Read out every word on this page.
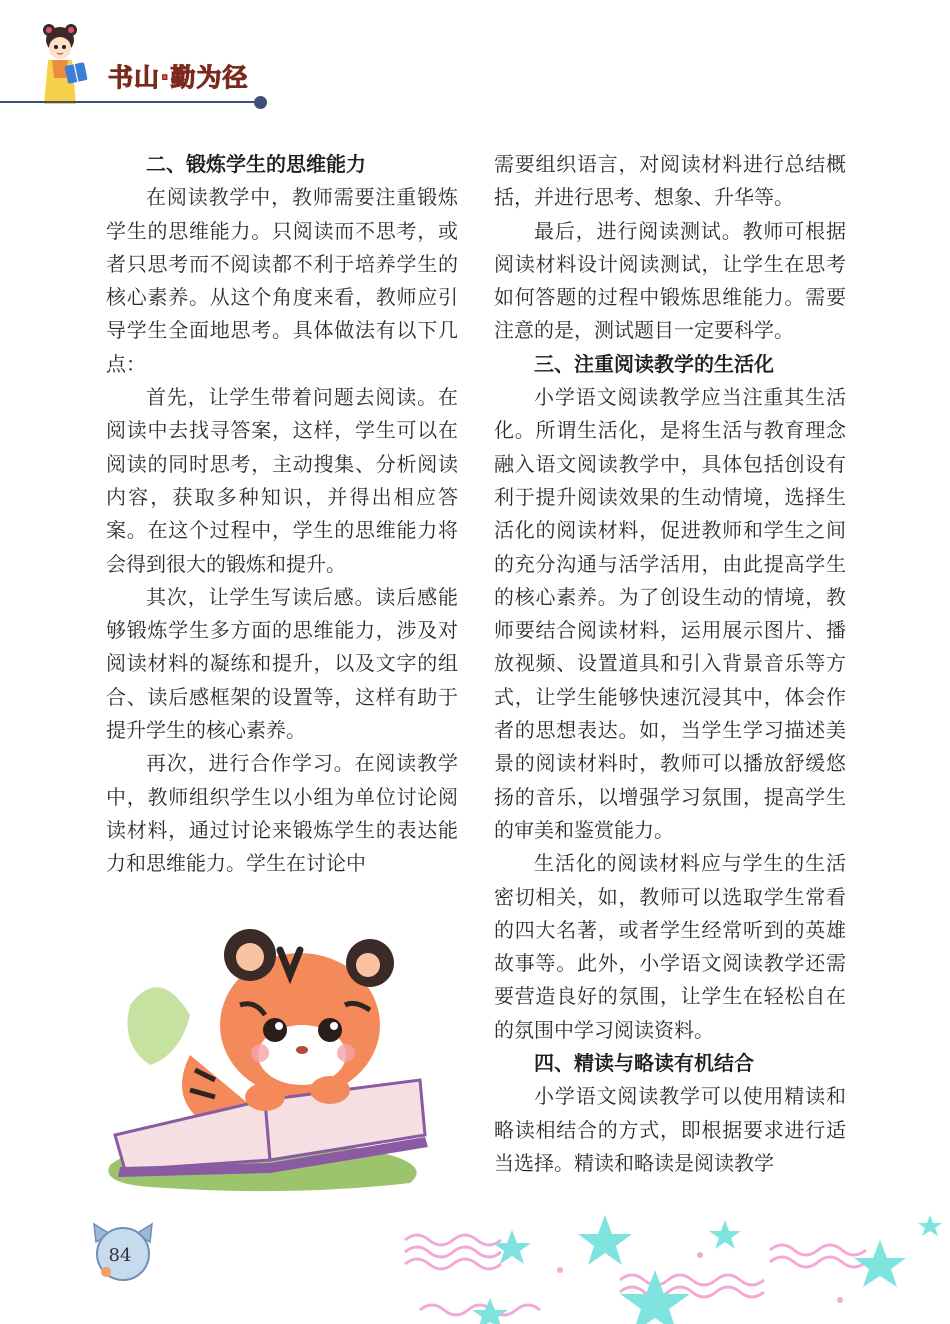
书山·勤为径
二、锻炼学生的思维能力

在阅读教学中，教师需要注重锻炼学生的思维能力。只阅读而不思考，或者只思考而不阅读都不利于培养学生的核心素养。从这个角度来看，教师应引导学生全面地思考。具体做法有以下几点：

首先，让学生带着问题去阅读。在阅读中去找寻答案，这样，学生可以在阅读的同时思考，主动搜集、分析阅读内容，获取多种知识，并得出相应答案。在这个过程中，学生的思维能力将会得到很大的锻炼和提升。

其次，让学生写读后感。读后感能够锻炼学生多方面的思维能力，涉及对阅读材料的凝练和提升，以及文字的组合、读后感框架的设置等，这样有助于提升学生的核心素养。

再次，进行合作学习。在阅读教学中，教师组织学生以小组为单位讨论阅读材料，通过讨论来锻炼学生的表达能力和思维能力。学生在讨论中

需要组织语言，对阅读材料进行总结概括，并进行思考、想象、升华等。

最后，进行阅读测试。教师可根据阅读材料设计阅读测试，让学生在思考如何答题的过程中锻炼思维能力。需要注意的是，测试题目一定要科学。

三、注重阅读教学的生活化

小学语文阅读教学应当注重其生活化。所谓生活化，是将生活与教育理念融入语文阅读教学中，具体包括创设有利于提升阅读效果的生动情境，选择生活化的阅读材料，促进教师和学生之间的充分沟通与活学活用，由此提高学生的核心素养。为了创设生动的情境，教师要结合阅读材料，运用展示图片、播放视频、设置道具和引入背景音乐等方式，让学生能够快速沉浸其中，体会作者的思想表达。如，当学生学习描述美景的阅读材料时，教师可以播放舒缓悠扬的音乐，以增强学习氛围，提高学生的审美和鉴赏能力。

生活化的阅读材料应与学生的生活密切相关，如，教师可以选取学生常看的四大名著，或者学生经常听到的英雄故事等。此外，小学语文阅读教学还需要营造良好的氛围，让学生在轻松自在的氛围中学习阅读资料。

四、精读与略读有机结合

小学语文阅读教学可以使用精读和略读相结合的方式，即根据要求进行适当选择。精读和略读是阅读教学

84
